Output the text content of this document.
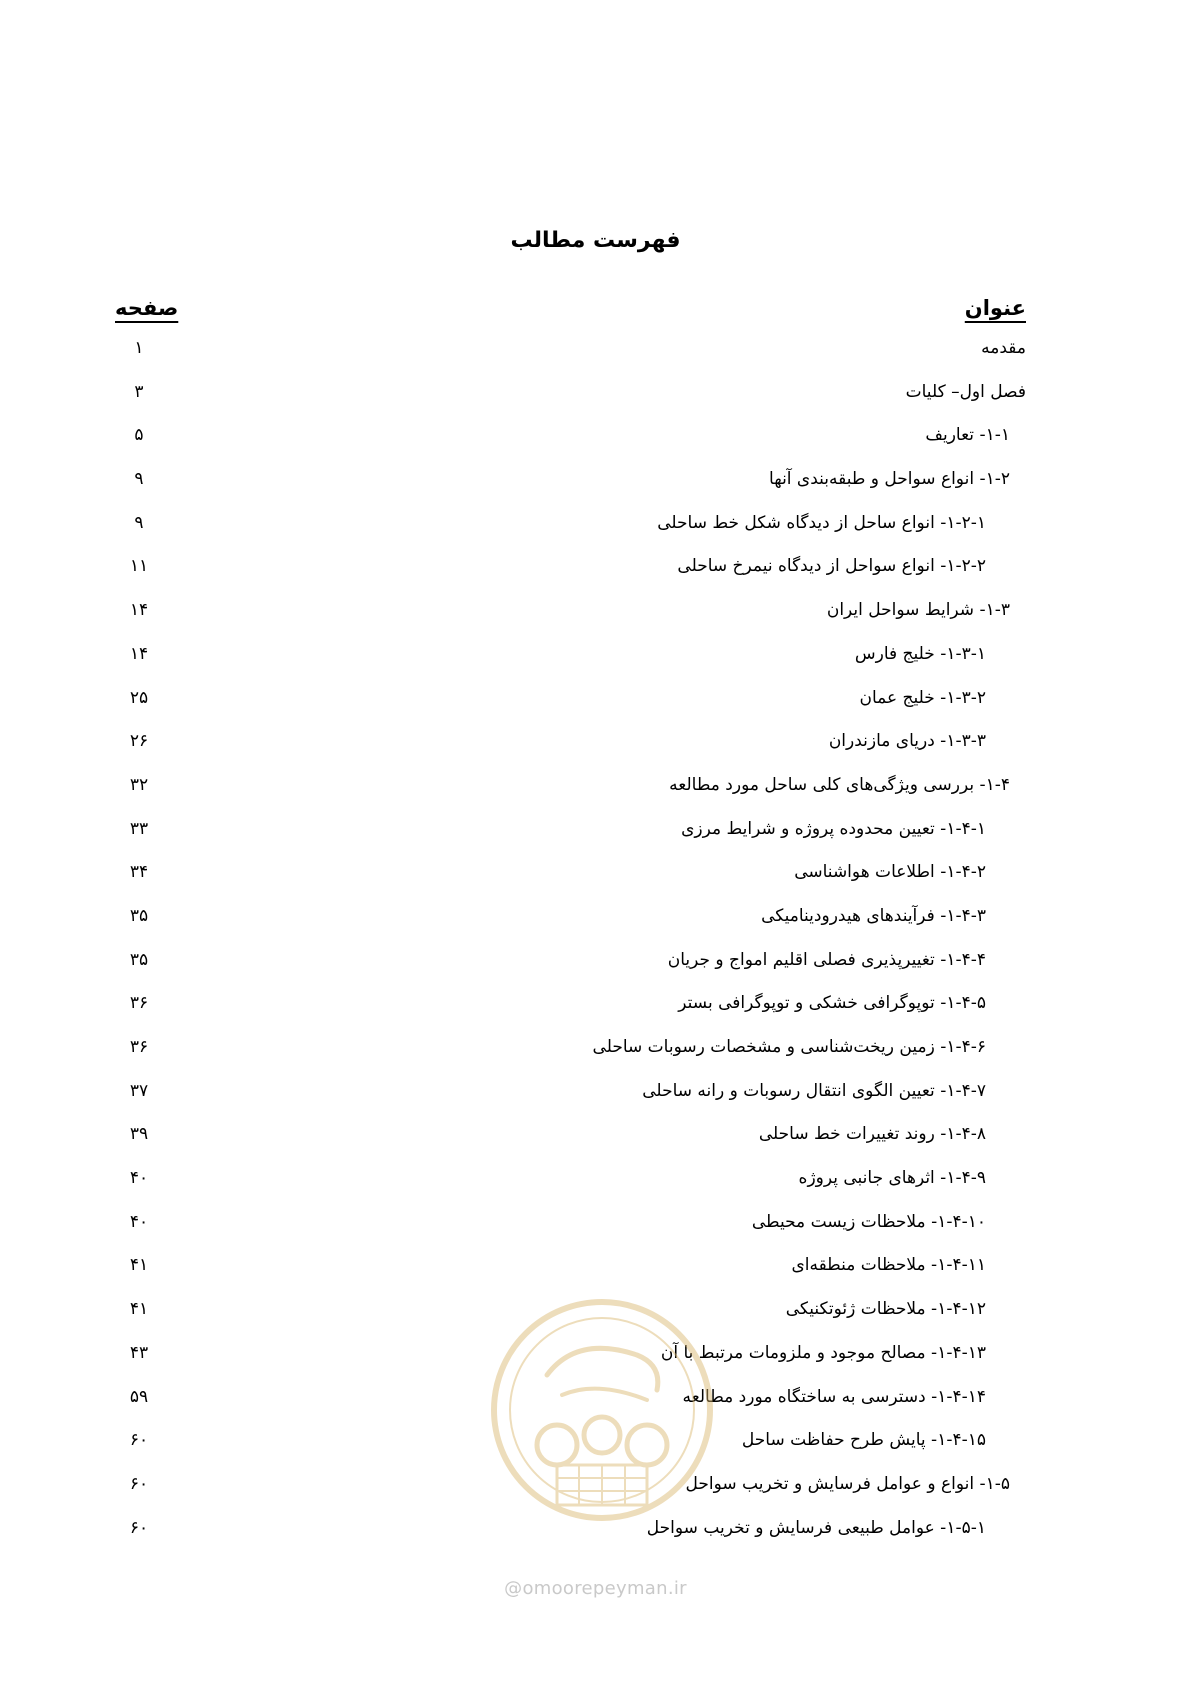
فهرست مطالب
عنوان
صفحه
مقدمه
۱
فصل اول– کلیات
۳
۱-۱- تعاریف
۵
۱-۲- انواع سواحل و طبقه‌بندی آنها
۹
۱-۲-۱- انواع ساحل از دیدگاه شکل خط ساحلی
۹
۱-۲-۲- انواع سواحل از دیدگاه نیمرخ ساحلی
۱۱
۱-۳- شرایط سواحل ایران
۱۴
۱-۳-۱- خلیج فارس
۱۴
۱-۳-۲- خلیج عمان
۲۵
۱-۳-۳- دریای مازندران
۲۶
۱-۴- بررسی ویژگی‌های کلی ساحل مورد مطالعه
۳۲
۱-۴-۱- تعیین محدوده پروژه و شرایط مرزی
۳۳
۱-۴-۲- اطلاعات هواشناسی
۳۴
۱-۴-۳- فرآیندهای هیدرودینامیکی
۳۵
۱-۴-۴- تغییرپذیری فصلی اقلیم امواج و جریان
۳۵
۱-۴-۵- توپوگرافی خشکی و توپوگرافی بستر
۳۶
۱-۴-۶- زمین ریخت‌شناسی و مشخصات رسوبات ساحلی
۳۶
۱-۴-۷- تعیین الگوی انتقال رسوبات و رانه ساحلی
۳۷
۱-۴-۸- روند تغییرات خط ساحلی
۳۹
۱-۴-۹- اثرهای جانبی پروژه
۴۰
۱-۴-۱۰- ملاحظات زیست محیطی
۴۰
۱-۴-۱۱- ملاحظات منطقه‌ای
۴۱
۱-۴-۱۲- ملاحظات ژئوتکنیکی
۴۱
۱-۴-۱۳- مصالح موجود و ملزومات مرتبط با آن
۴۳
۱-۴-۱۴- دسترسی به ساختگاه مورد مطالعه
۵۹
۱-۴-۱۵- پایش طرح حفاظت ساحل
۶۰
۱-۵- انواع و عوامل فرسایش و تخریب سواحل
۶۰
۱-۵-۱- عوامل طبیعی فرسایش و تخریب سواحل
۶۰
@omoorepeyman.ir
